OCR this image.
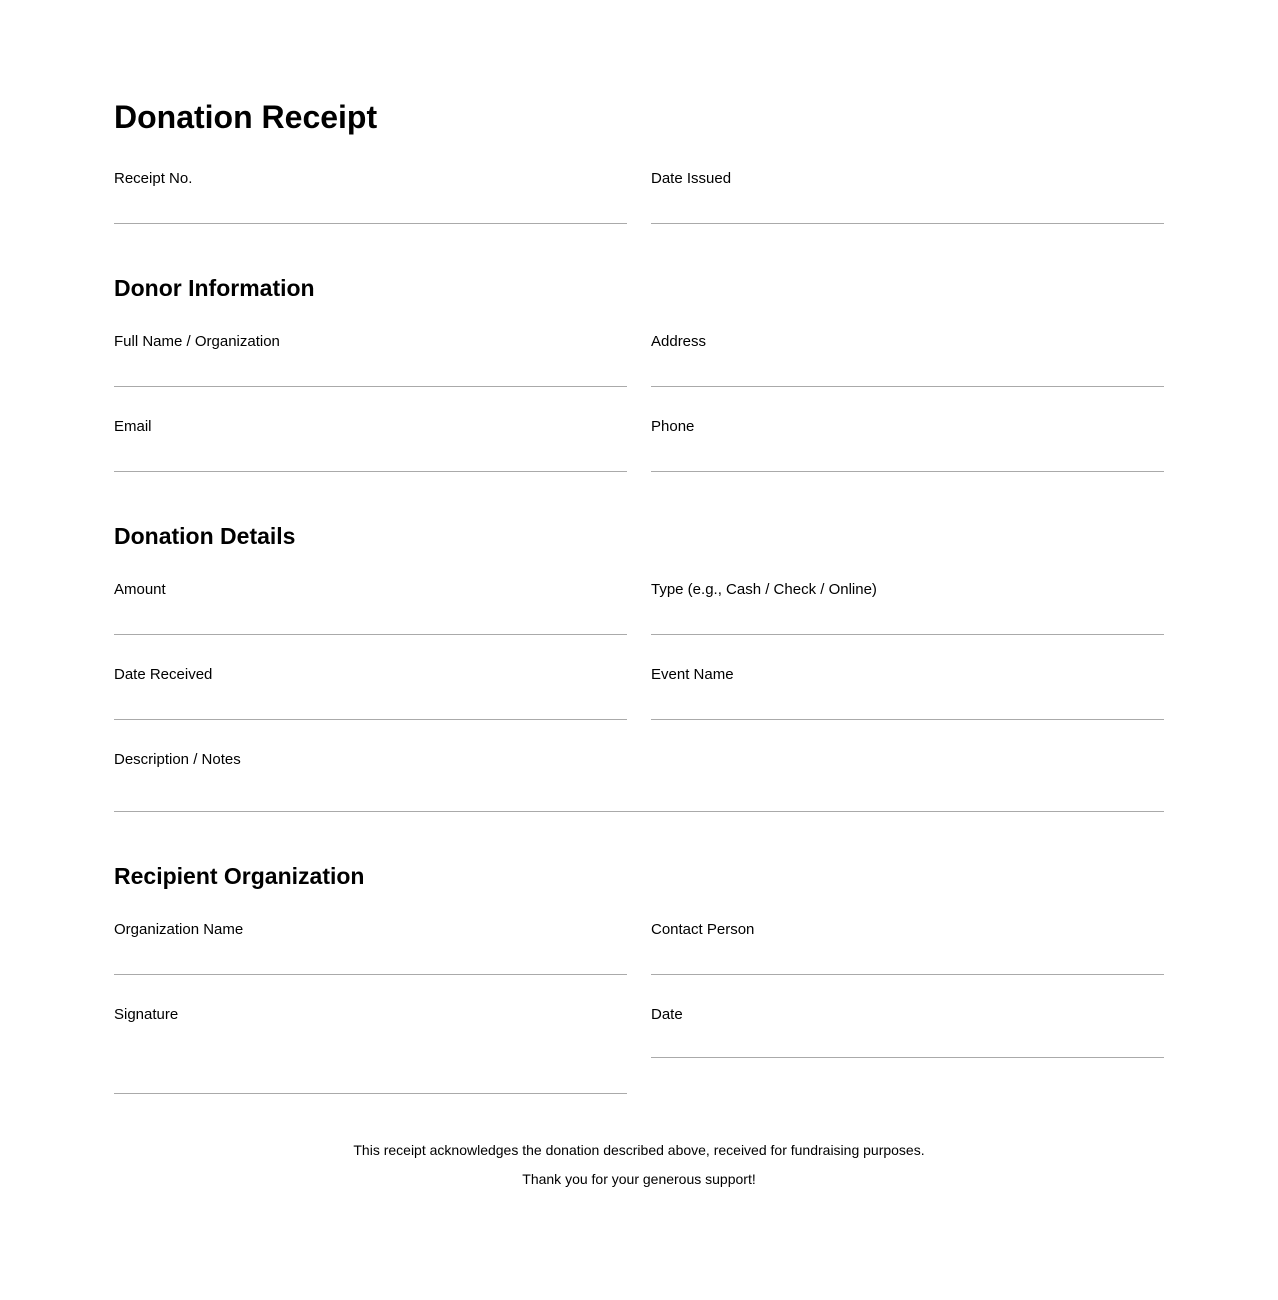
Donation Receipt
Receipt No.	Date Issued
Donor Information
Full Name / Organization	Address
Email	Phone
Donation Details
Amount	Type (e.g., Cash / Check / Online)
Date Received	Event Name
Description / Notes
Recipient Organization
Organization Name	Contact Person
Signature	Date

This receipt acknowledges the donation described above, received for fundraising purposes.

Thank you for your generous support!
